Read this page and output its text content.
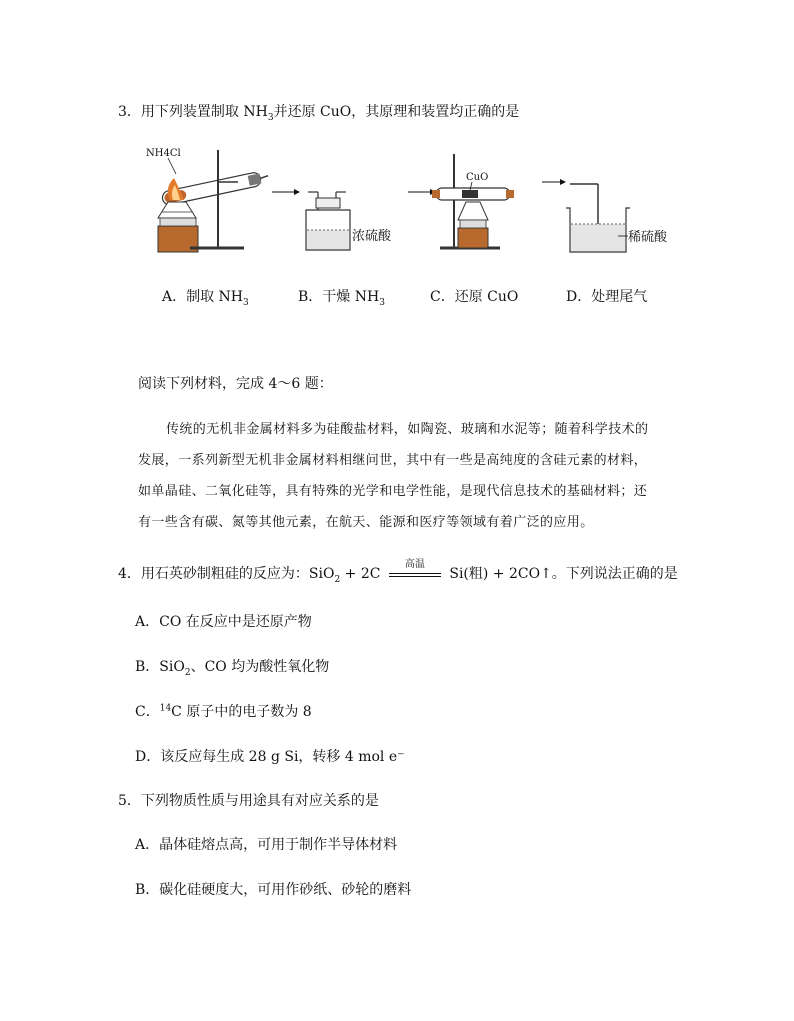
3．用下列装置制取 $NH_3$并还原 CuO，其原理和装置均正确的是
NH4Cl
浓硫酸
CuO
稀硫酸
A．制取 $NH_3$	B．干燥 $NH_3$	C．还原 CuO	D．处理尾气
阅读下列材料，完成 4～6 题：

传统的无机非金属材料多为硅酸盐材料，如陶瓷、玻璃和水泥等；随着科学技术的

发展，一系列新型无机非金属材料相继问世，其中有一些是高纯度的含硅元素的材料，

如单晶硅、二氧化硅等，具有特殊的光学和电学性能，是现代信息技术的基础材料；还

有一些含有碳、氮等其他元素，在航天、能源和医疗等领域有着广泛的应用。

4．用石英砂制粗硅的反应为：SiO$_2$ + 2C
高温
Si(粗) + 2CO↑。下列说法正确的是
A．CO 在反应中是还原产物
B．SiO$_2$、CO 均为酸性氧化物
C．$^{14}$C 原子中的电子数为 8
D．该反应每生成 28 g Si，转移 4 mol e⁻
5．下列物质性质与用途具有对应关系的是
A．晶体硅熔点高，可用于制作半导体材料
B．碳化硅硬度大，可用作砂纸、砂轮的磨料
